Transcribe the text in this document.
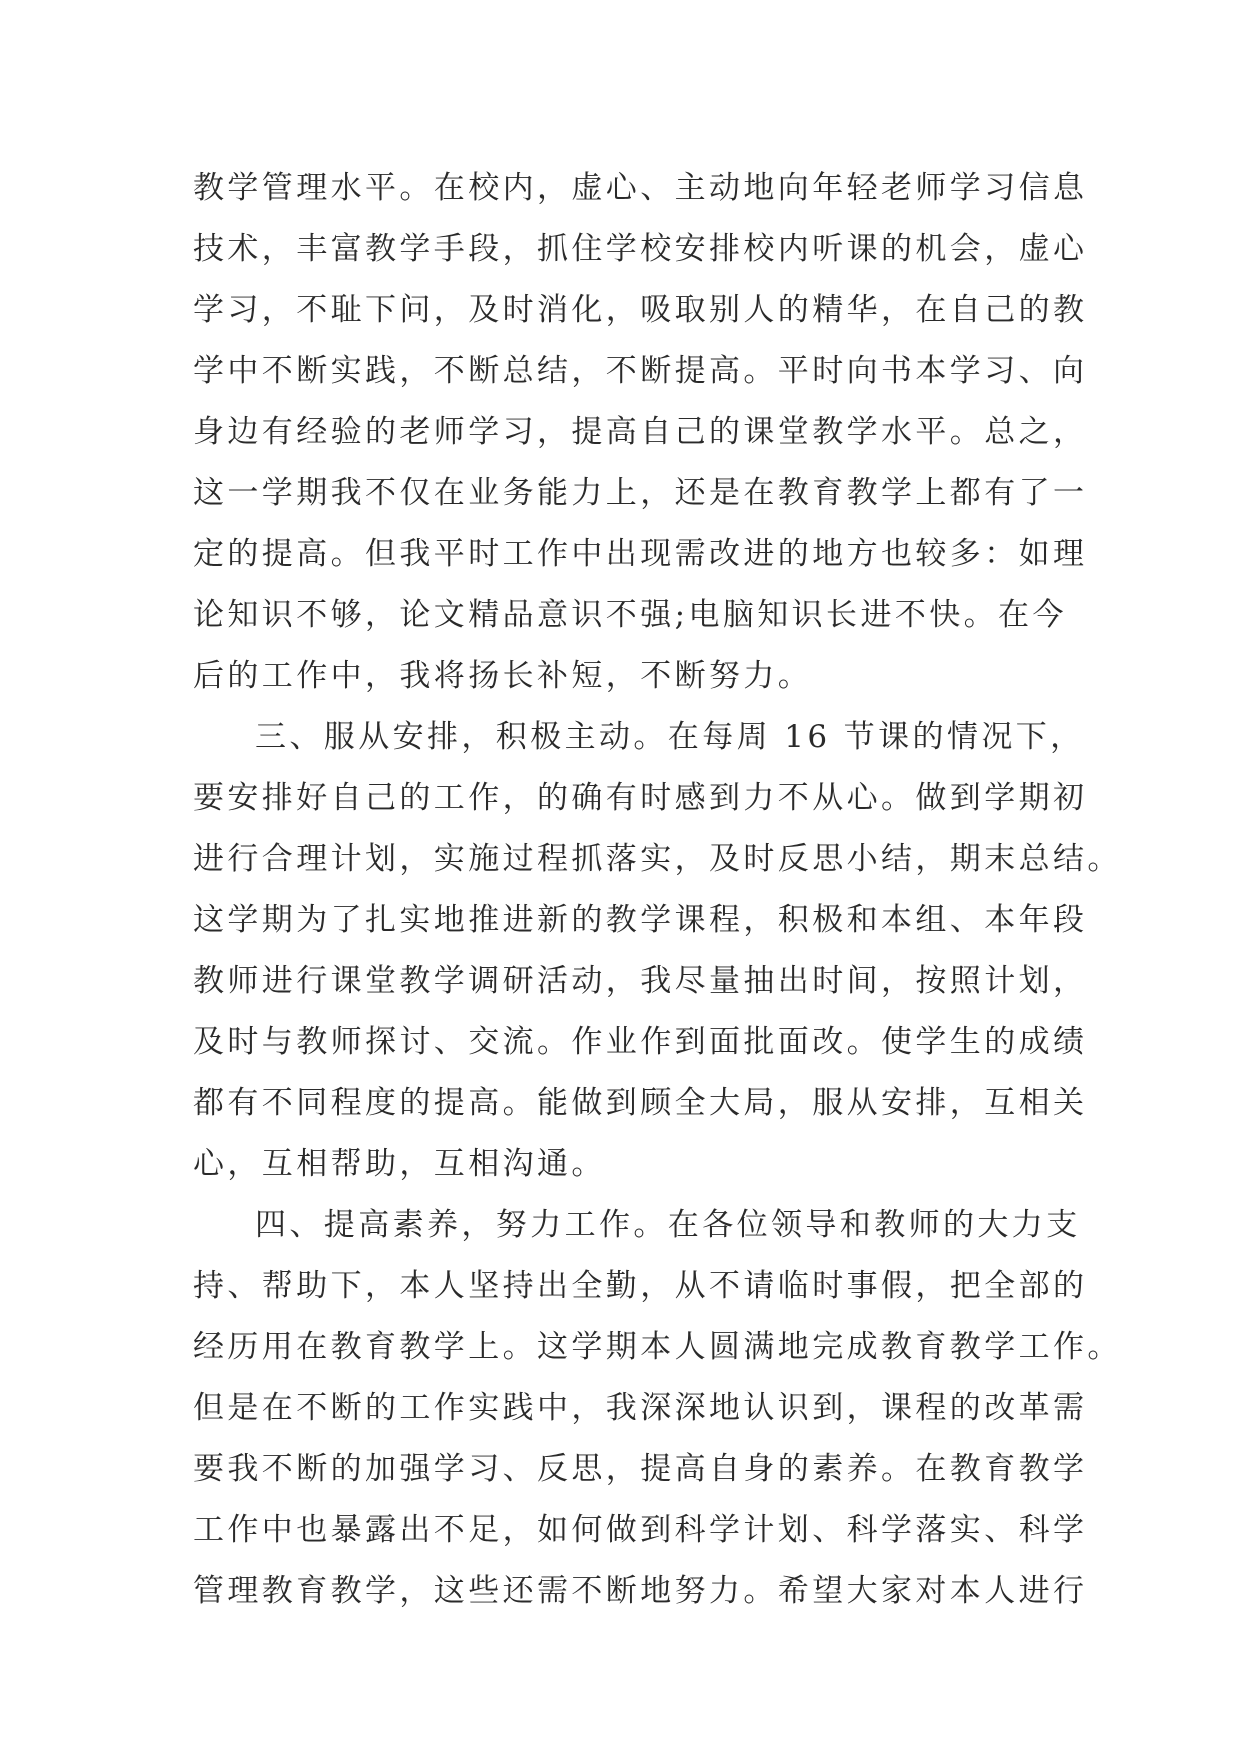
教学管理水平。在校内，虚心、主动地向年轻老师学习信息
技术，丰富教学手段，抓住学校安排校内听课的机会，虚心
学习，不耻下问，及时消化，吸取别人的精华，在自己的教
学中不断实践，不断总结，不断提高。平时向书本学习、向
身边有经验的老师学习，提高自己的课堂教学水平。总之，
这一学期我不仅在业务能力上，还是在教育教学上都有了一
定的提高。但我平时工作中出现需改进的地方也较多：如理
论知识不够，论文精品意识不强;电脑知识长进不快。在今
后的工作中，我将扬长补短，不断努力。
三、服从安排，积极主动。在每周 16 节课的情况下，
要安排好自己的工作，的确有时感到力不从心。做到学期初
进行合理计划，实施过程抓落实，及时反思小结，期末总结。
这学期为了扎实地推进新的教学课程，积极和本组、本年段
教师进行课堂教学调研活动，我尽量抽出时间，按照计划，
及时与教师探讨、交流。作业作到面批面改。使学生的成绩
都有不同程度的提高。能做到顾全大局，服从安排，互相关
心，互相帮助，互相沟通。
四、提高素养，努力工作。在各位领导和教师的大力支
持、帮助下，本人坚持出全勤，从不请临时事假，把全部的
经历用在教育教学上。这学期本人圆满地完成教育教学工作。
但是在不断的工作实践中，我深深地认识到，课程的改革需
要我不断的加强学习、反思，提高自身的素养。在教育教学
工作中也暴露出不足，如何做到科学计划、科学落实、科学
管理教育教学，这些还需不断地努力。希望大家对本人进行
